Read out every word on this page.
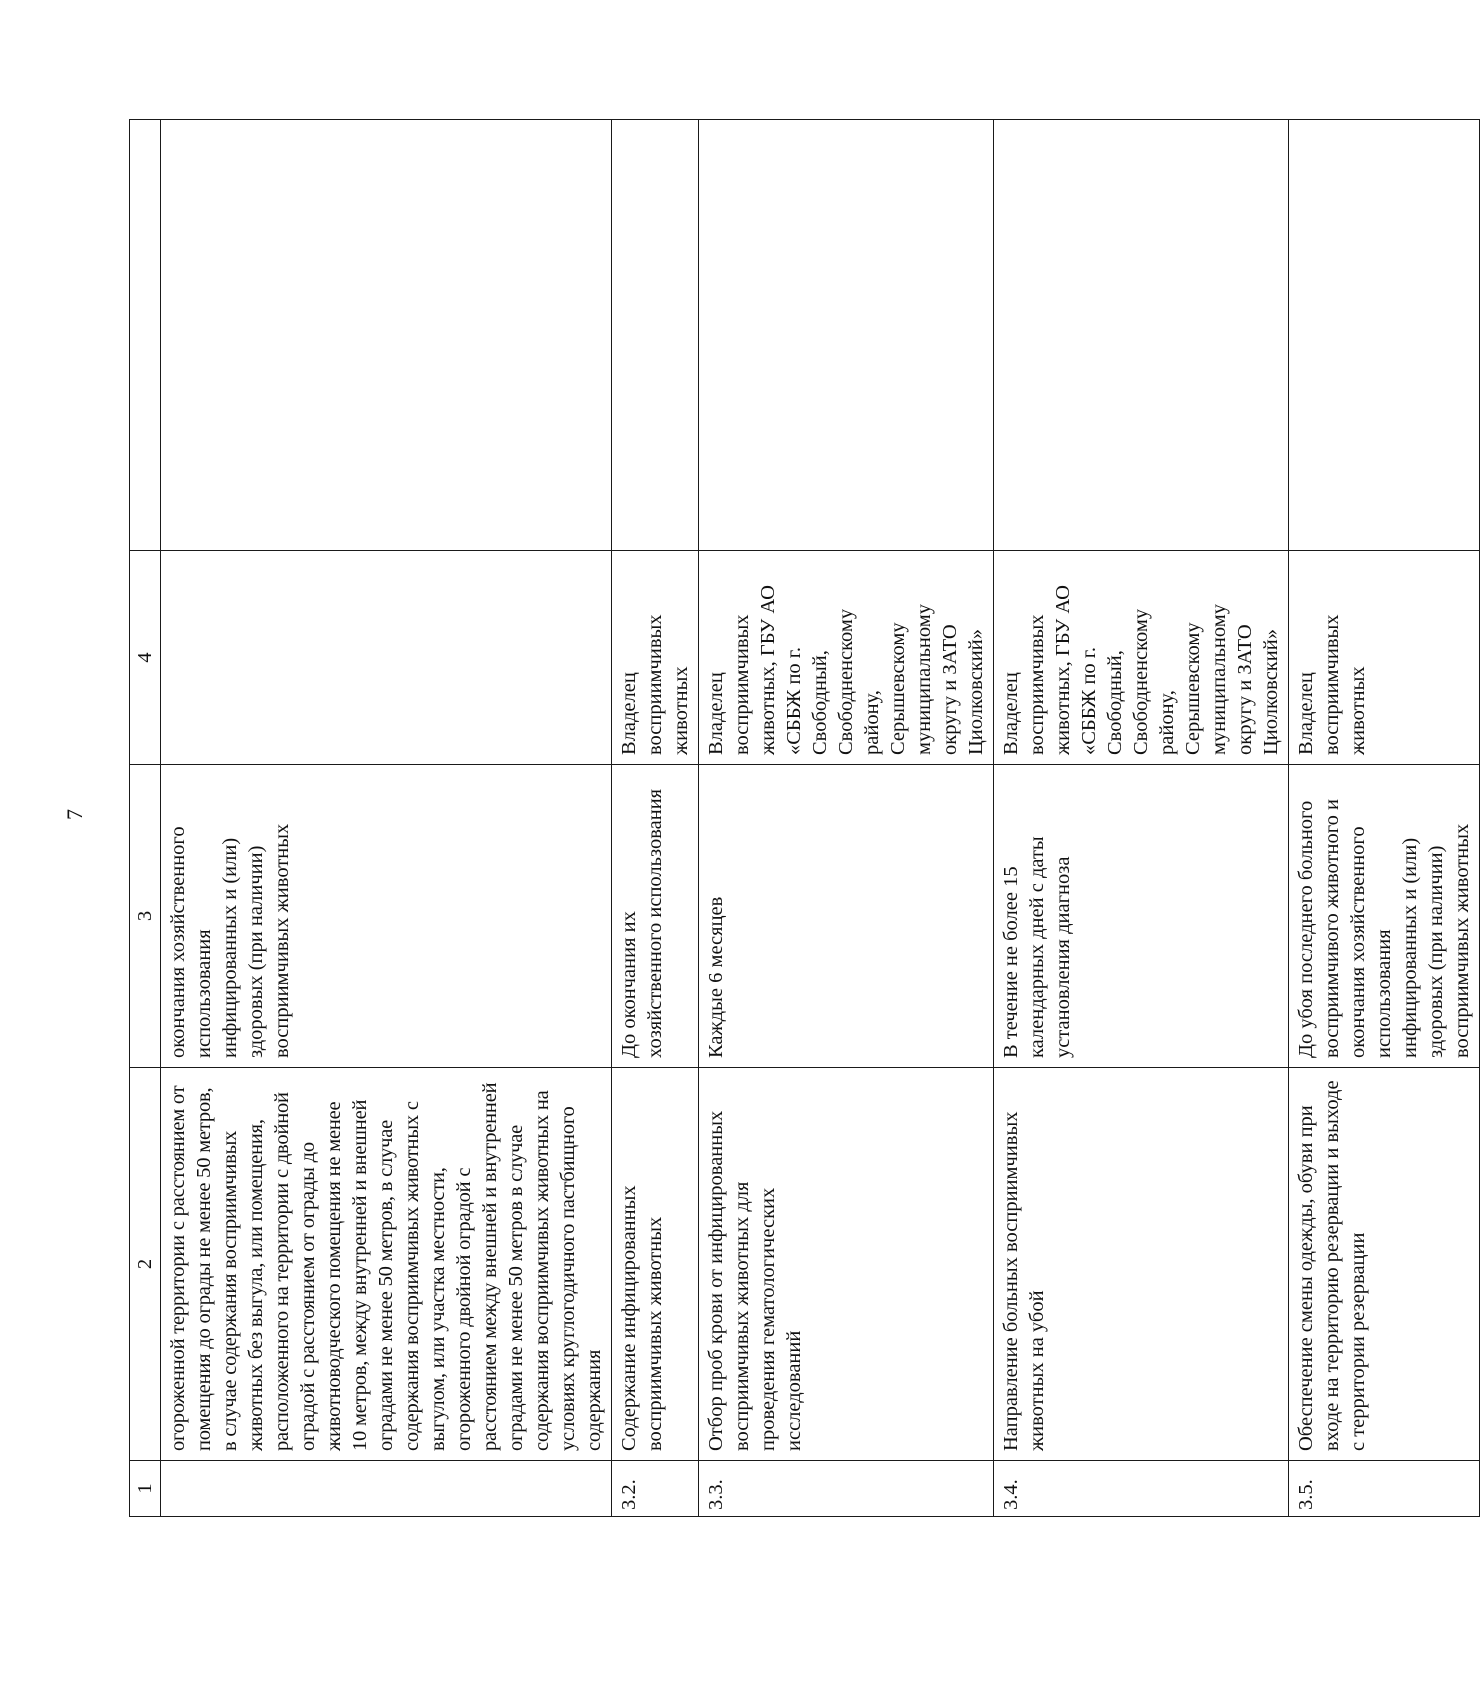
7
1	2	3	4	
	огороженной территории с расстоянием от помещения до ограды не менее 50 метров, в случае содержания восприимчивых животных без выгула, или помещения, расположенного на территории с двойной оградой с расстоянием от ограды до животноводческого помещения не менее 10 метров, между внутренней и внешней оградами не менее 50 метров, в случае содержания восприимчивых животных с выгулом, или участка местности, огороженного двойной оградой с расстоянием между внешней и внутренней оградами не менее 50 метров в случае содержания восприимчивых животных на условиях круглогодичного пастбищного содержания	окончания хозяйственного использования инфицированных и (или) здоровых (при наличии) восприимчивых животных		
3.2.	Содержание инфицированных восприимчивых животных	До окончания их хозяйственного использования	Владелец восприимчивых животных	
3.3.	Отбор проб крови от инфицированных восприимчивых животных для проведения гематологических исследований	Каждые 6 месяцев	Владелец восприимчивых животных, ГБУ АО «СББЖ по г. Свободный, Свободненскому району, Серышевскому муниципальному округу и ЗАТО Циолковский»	
3.4.	Направление больных восприимчивых животных на убой	В течение не более 15 календарных дней с даты установления диагноза	Владелец восприимчивых животных, ГБУ АО «СББЖ по г. Свободный, Свободненскому району, Серышевскому муниципальному округу и ЗАТО Циолковский»	
3.5.	Обеспечение смены одежды, обуви при входе на территорию резервации и выходе с территории резервации	До убоя последнего больного восприимчивого животного и окончания хозяйственного использования инфицированных и (или) здоровых (при наличии) восприимчивых животных	Владелец восприимчивых животных	
